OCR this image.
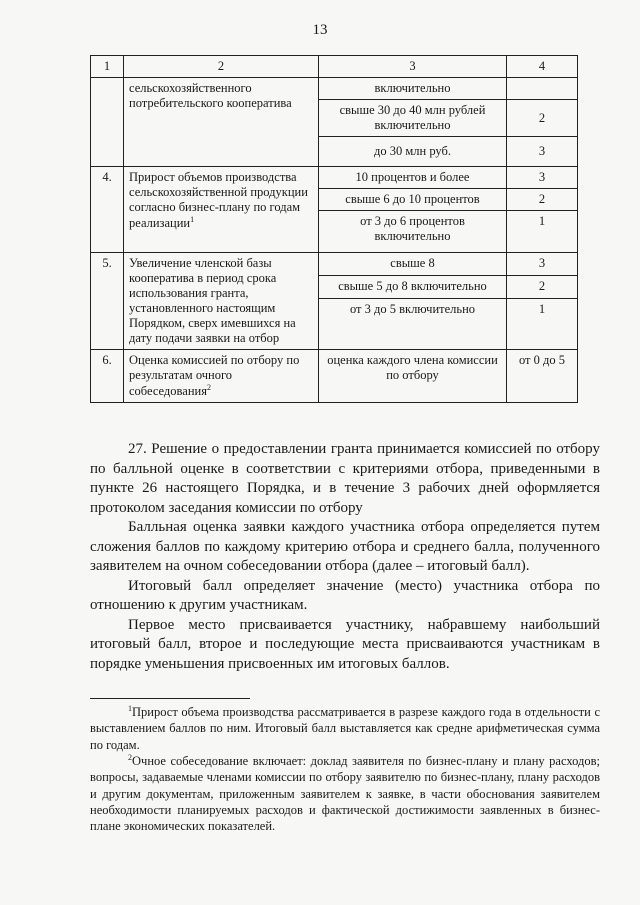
13
1	2	3	4
	сельскохозяйственного потребительского кооператива	включительно	
		свыше 30 до 40 млн рублей включительно	2
		до 30 млн руб.	3
4.	Прирост объемов производства сельскохозяйственной продукции согласно бизнес-плану по годам реализации$^1$	10 процентов и более	3
		свыше 6 до 10 процентов	2
		от 3 до 6 процентов включительно	1
5.	Увеличение членской базы кооператива в период срока использования гранта, установленного настоящим Порядком, сверх имевшихся на дату подачи заявки на отбор	свыше 8	3
		свыше 5 до 8 включительно	2
		от 3 до 5 включительно	1
6.	Оценка комиссией по отбору по результатам очного собеседования$^2$	оценка каждого члена комиссии по отбору	от 0 до 5

27. Решение о предоставлении гранта принимается комиссией по отбору по балльной оценке в соответствии с критериями отбора, приведенными в пункте 26 настоящего Порядка, и в течение 3 рабочих дней оформляется протоколом заседания комиссии по отбору

Балльная оценка заявки каждого участника отбора определяется путем сложения баллов по каждому критерию отбора и среднего балла, полученного заявителем на очном собеседовании отбора (далее – итоговый балл).

Итоговый балл определяет значение (место) участника отбора по отношению к другим участникам.

Первое место присваивается участнику, набравшему наибольший итоговый балл, второе и последующие места присваиваются участникам в порядке уменьшения присвоенных им итоговых баллов.

$^1$Прирост объема производства рассматривается в разрезе каждого года в отдельности с выставлением баллов по ним. Итоговый балл выставляется как средне арифметическая сумма по годам.

$^2$Очное собеседование включает: доклад заявителя по бизнес-плану и плану расходов; вопросы, задаваемые членами комиссии по отбору заявителю по бизнес-плану, плану расходов и другим документам, приложенным заявителем к заявке, в части обоснования заявителем необходимости планируемых расходов и фактической достижимости заявленных в бизнес-плане экономических показателей.
